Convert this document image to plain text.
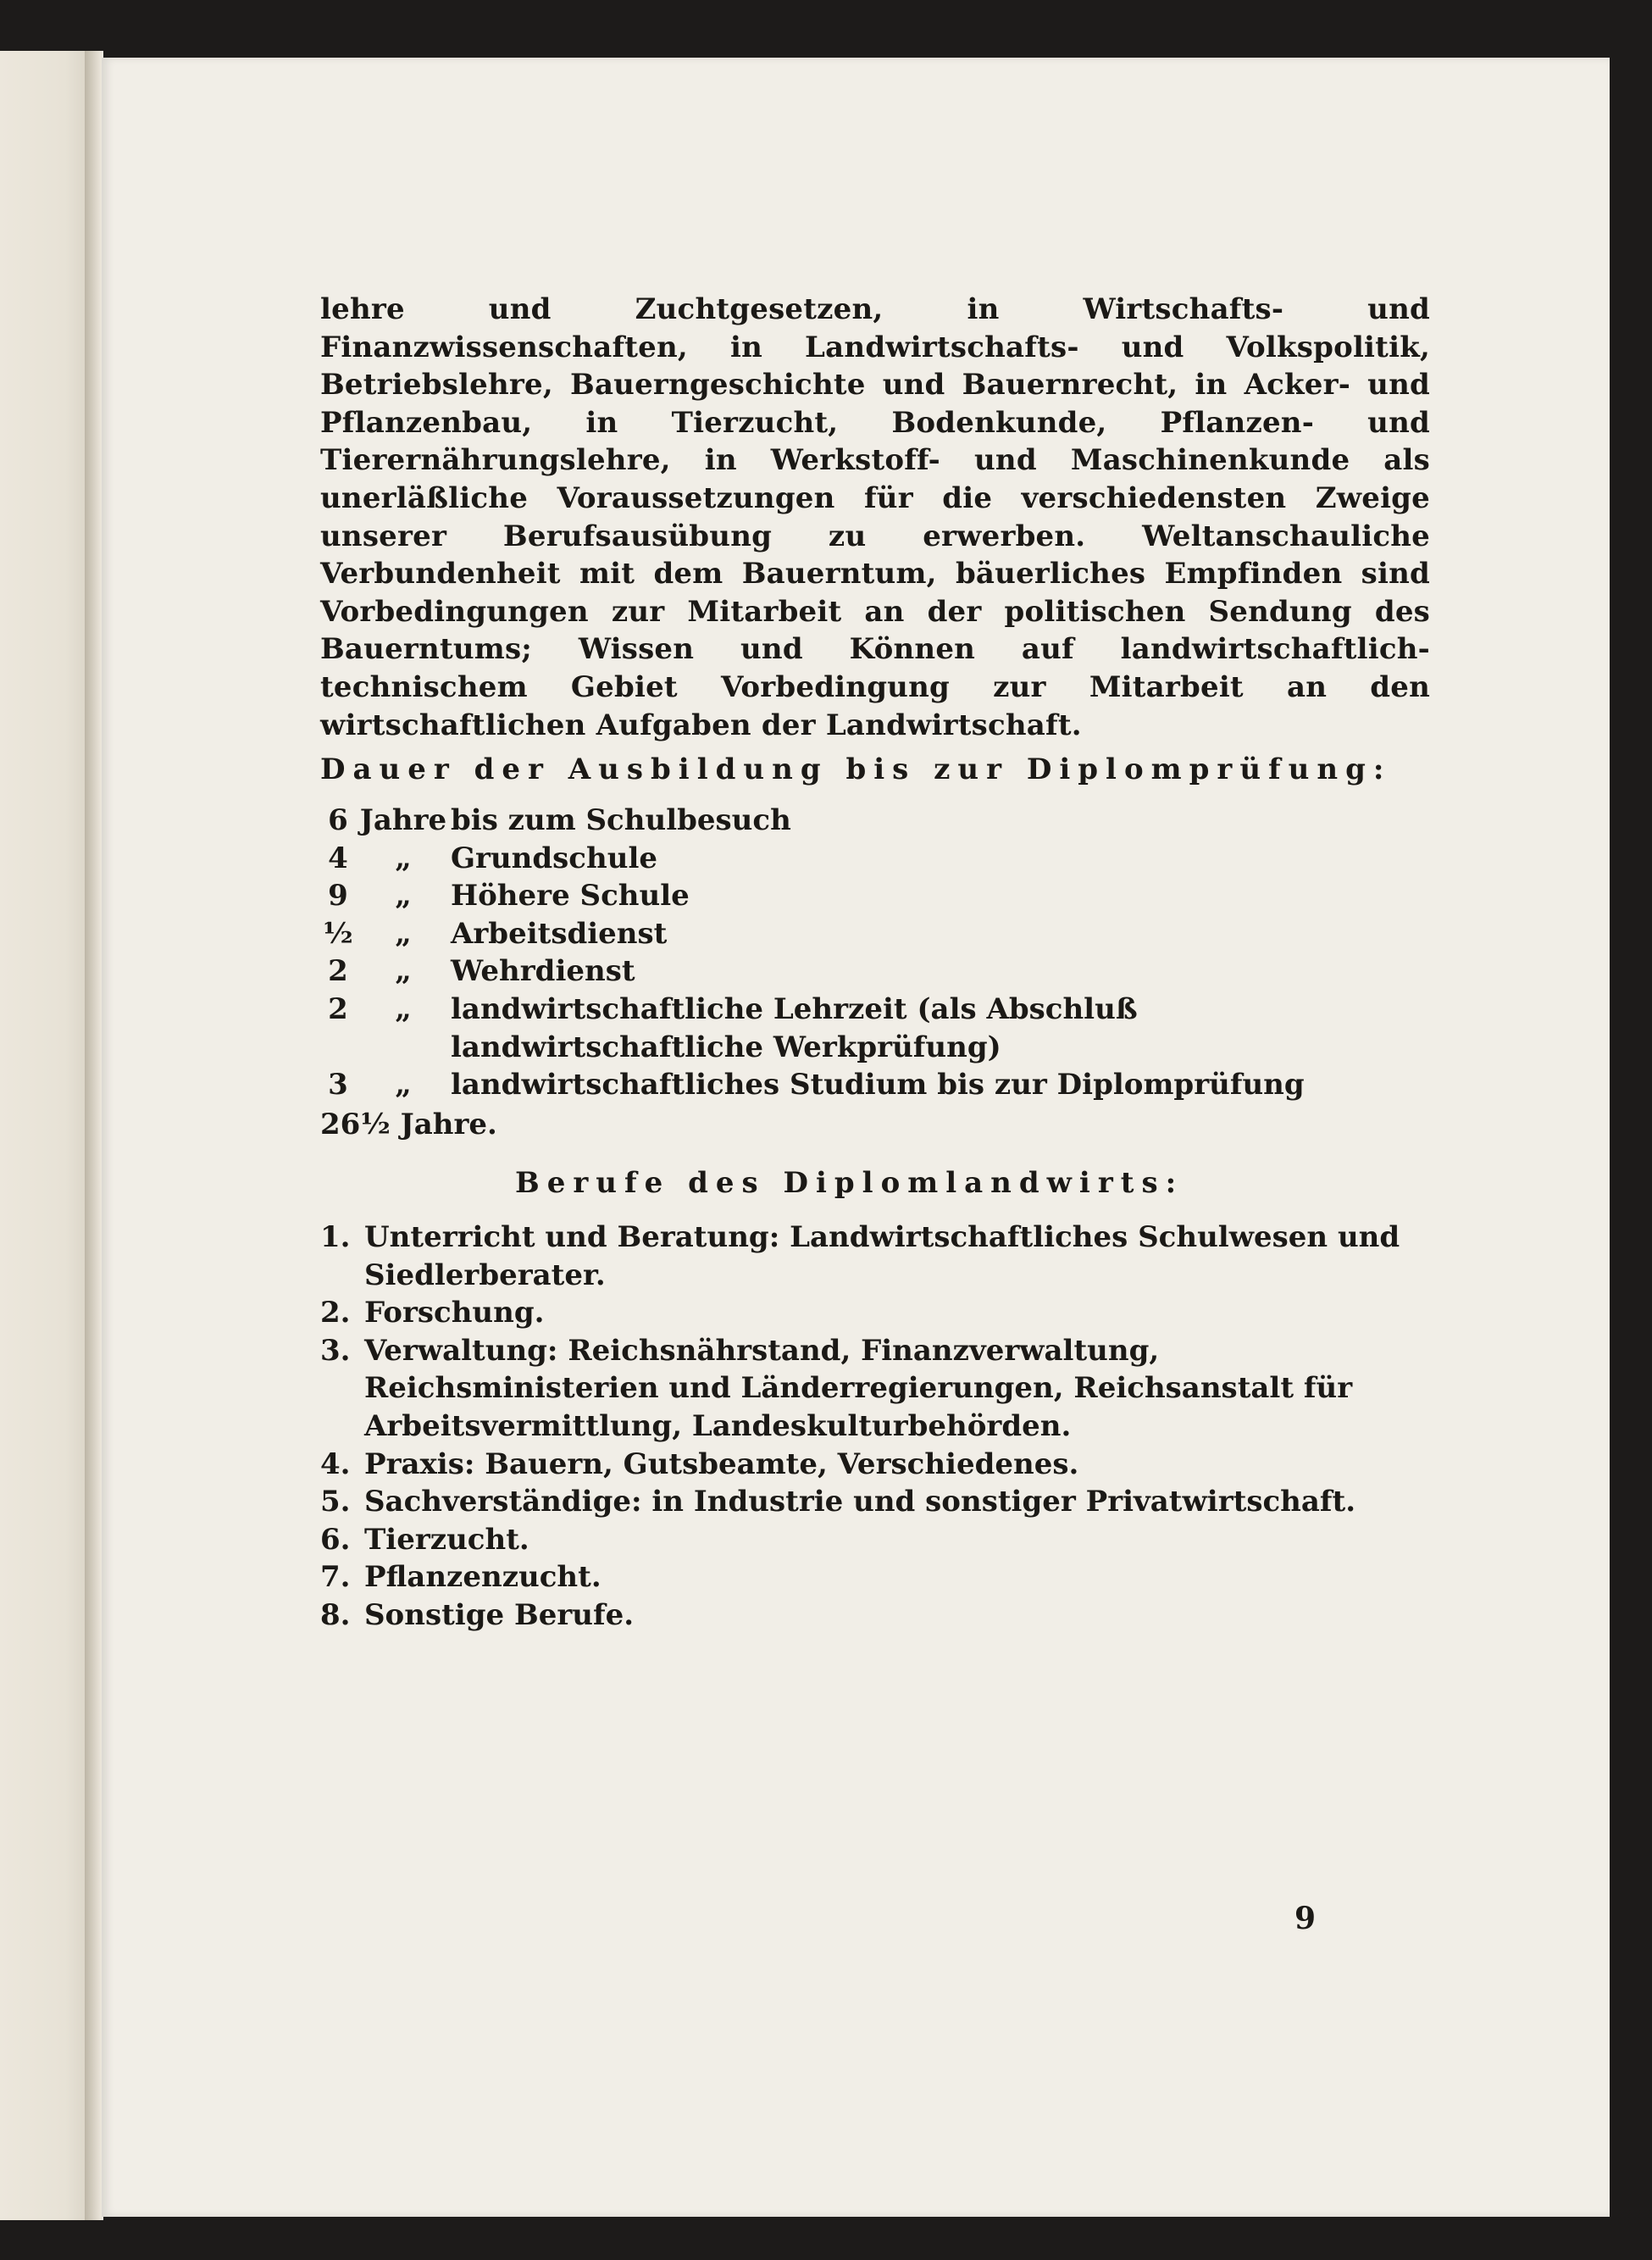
lehre und Zuchtgesetzen, in Wirtschafts- und Finanzwissenschaften, in Landwirtschafts- und Volkspolitik, Betriebslehre, Bauerngeschichte und Bauernrecht, in Acker- und Pflanzenbau, in Tierzucht, Bodenkunde, Pflanzen- und Tierernährungslehre, in Werkstoff- und Maschinenkunde als unerläßliche Voraussetzungen für die verschiedensten Zweige unserer Berufsausübung zu erwerben. Weltanschauliche Verbundenheit mit dem Bauerntum, bäuerliches Empfinden sind Vorbedingungen zur Mitarbeit an der politischen Sendung des Bauerntums; Wissen und Können auf landwirtschaftlich-technischem Gebiet Vorbedingung zur Mitarbeit an den wirtschaftlichen Aufgaben der Landwirtschaft.
Dauer der Ausbildung bis zur Diplomprüfung:
6 Jahre bis zum Schulbesuch
4	„	Grundschule
9	„	Höhere Schule
½	„	Arbeitsdienst
2	„	Wehrdienst
2	„	landwirtschaftliche Lehrzeit (als Abschluß landwirtschaftliche Werkprüfung)
3	„	landwirtschaftliches Studium bis zur Diplomprüfung
26½ Jahre.
Berufe des Diplomlandwirts:
1. Unterricht und Beratung: Landwirtschaftliches Schulwesen und Siedlerberater.
2. Forschung.
3. Verwaltung: Reichsnährstand, Finanzverwaltung, Reichsministerien und Länderregierungen, Reichsanstalt für Arbeitsvermittlung, Landeskulturbehörden.
4. Praxis: Bauern, Gutsbeamte, Verschiedenes.
5. Sachverständige: in Industrie und sonstiger Privatwirtschaft.
6. Tierzucht.
7. Pflanzenzucht.
8. Sonstige Berufe.
9
